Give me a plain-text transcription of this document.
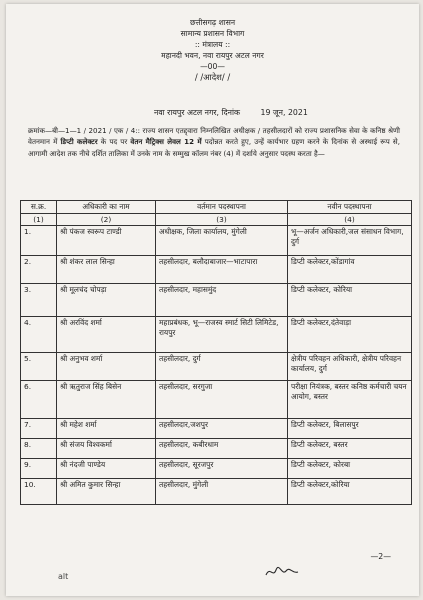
छत्तीसगढ़ शासन
सामान्य प्रशासन विभाग
:: मंत्रालय ::
महानदी भवन, नवा रायपुर अटल नगर
—00—
/ /आदेश/ /
नवा रायपुर अटल नगर, दिनांक	19 जून, 2021
क्रमांक—बी—1—1 / 2021 / एक / 4:: राज्य शासन एतद्द्वारा निम्नलिखित अधीक्षक / तहसीलदारों को राज्य प्रशासनिक सेवा के कनिष्ठ श्रेणी वेतनमान में डिप्टी कलेक्टर के पद पर वेतन मैट्रिक्स लेवल 12 में पदोन्नत करते हुए, उन्हें कार्यभार ग्रहण करने के दिनांक से अस्थाई रूप से, आगामी आदेश तक नीचे दर्शित तालिका में उनके नाम के सम्मुख कॉलम नंबर (4) में दर्शाये अनुसार पदस्थ करता है—
स.क्र.	अधिकारी का नाम	वर्तमान पदस्थापना	नवीन पदस्थापना
(1)	(2)	(3)	(4)
1.	श्री पंकज स्वरूप टाण्डी	अधीक्षक, जिला कार्यालय, मुंगेली	भू—अर्जन अधिकारी,जल संसाधन विभाग, दुर्ग
2.	श्री शंकर लाल सिन्हा	तहसीलदार, बलौदाबाजार—भाटापारा	डिप्टी कलेक्टर,कोंडागांव
3.	श्री मूलचंद चोपड़ा	तहसीलदार, महासमुंद	डिप्टी कलेक्टर, कोरिया
4.	श्री अरविंद शर्मा	महाप्रबंधक, भू—राजस्व स्मार्ट सिटी लिमिटेड, रायपुर	डिप्टी कलेक्टर,दंतेवाड़ा
5.	श्री अनुभव शर्मा	तहसीलदार, दुर्ग	क्षेत्रीय परिवहन अधिकारी, क्षेत्रीय परिवहन कार्यालय, दुर्ग
6.	श्री ऋतुराज सिंह बिसेन	तहसीलदार, सरगुजा	परीक्षा नियंत्रक, बस्तर कनिष्ठ कर्मचारी चयन आयोग, बस्तर
7.	श्री महेश शर्मा	तहसीलदार,जशपुर	डिप्टी कलेक्टर, बिलासपुर
8.	श्री संजय विश्वकर्मा	तहसीलदार, कबीरधाम	डिप्टी कलेक्टर, बस्तर
9.	श्री नंदजी पाण्डेय	तहसीलदार, सूरजपुर	डिप्टी कलेक्टर, कोरबा
10.	श्री अमित कुमार सिन्हा	तहसीलदार, मुंगेली	डिप्टी कलेक्टर,कोरिया
—2—
alt
